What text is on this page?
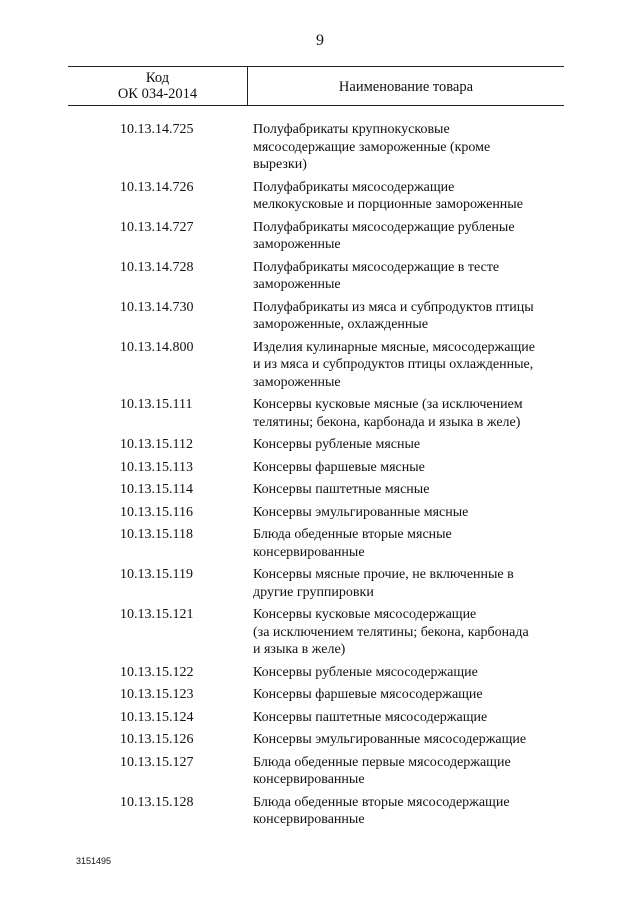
9
Код
ОК 034-2014	Наименование товара
10.13.14.725	Полуфабрикаты крупнокусковые
мясосодержащие замороженные (кроме
вырезки)
10.13.14.726	Полуфабрикаты мясосодержащие
мелкокусковые и порционные замороженные
10.13.14.727	Полуфабрикаты мясосодержащие рубленые
замороженные
10.13.14.728	Полуфабрикаты мясосодержащие в тесте
замороженные
10.13.14.730	Полуфабрикаты из мяса и субпродуктов птицы
замороженные, охлажденные
10.13.14.800	Изделия кулинарные мясные, мясосодержащие
и из мяса и субпродуктов птицы охлажденные,
замороженные
10.13.15.111	Консервы кусковые мясные (за исключением
телятины; бекона, карбонада и языка в желе)
10.13.15.112	Консервы рубленые мясные
10.13.15.113	Консервы фаршевые мясные
10.13.15.114	Консервы паштетные мясные
10.13.15.116	Консервы эмульгированные мясные
10.13.15.118	Блюда обеденные вторые мясные
консервированные
10.13.15.119	Консервы мясные прочие, не включенные в
другие группировки
10.13.15.121	Консервы кусковые мясосодержащие
(за исключением телятины; бекона, карбонада
и языка в желе)
10.13.15.122	Консервы рубленые мясосодержащие
10.13.15.123	Консервы фаршевые мясосодержащие
10.13.15.124	Консервы паштетные мясосодержащие
10.13.15.126	Консервы эмульгированные мясосодержащие
10.13.15.127	Блюда обеденные первые мясосодержащие
консервированные
10.13.15.128	Блюда обеденные вторые мясосодержащие
консервированные
3151495
